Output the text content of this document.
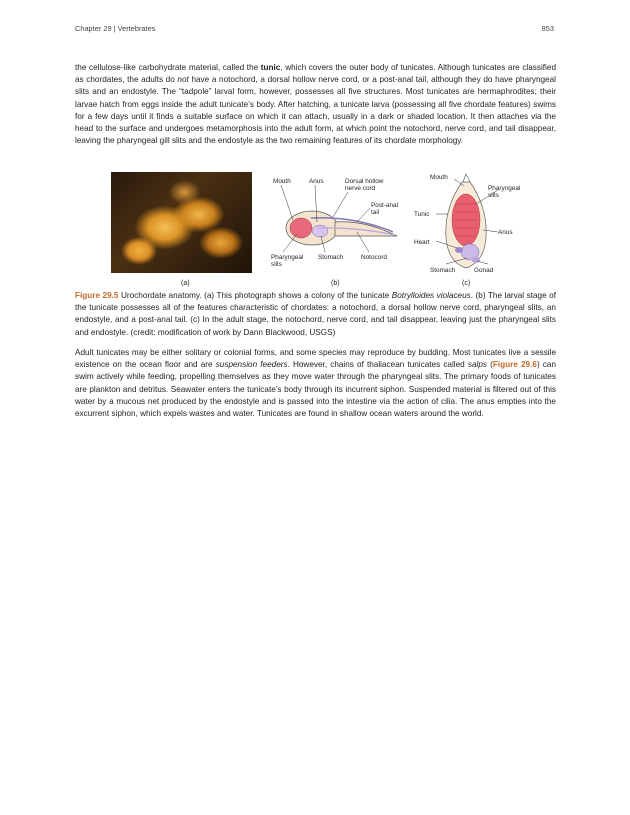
Chapter 29 | Vertebrates	853

the cellulose-like carbohydrate material, called the tunic, which covers the outer body of tunicates. Although tunicates are classified as chordates, the adults do not have a notochord, a dorsal hollow nerve cord, or a post-anal tail, although they do have pharyngeal slits and an endostyle. The “tadpole” larval form, however, possesses all five structures. Most tunicates are hermaphrodites; their larvae hatch from eggs inside the adult tunicate’s body. After hatching, a tunicate larva (possessing all five chordate features) swims for a few days until it finds a suitable surface on which it can attach, usually in a dark or shaded location. It then attaches via the head to the surface and undergoes metamorphosis into the adult form, at which point the notochord, nerve cord, and tail disappear, leaving the pharyngeal gill slits and the endostyle as the two remaining features of its chordate morphology.

Mouth	Anus	Dorsal hollow
nerve cord
Post-anal
tail
Pharyngeal
slits
Stomach	Notocord
Mouth
Pharyngeal
slits
Tunic
Anus
Heart
Stomach	Gonad
(a)	(b)	(c)

Figure 29.5 Urochordate anatomy. (a) This photograph shows a colony of the tunicate Botrylloides violaceus. (b) The larval stage of the tunicate possesses all of the features characteristic of chordates: a notochord, a dorsal hollow nerve cord, pharyngeal slits, an endostyle, and a post-anal tail. (c) In the adult stage, the notochord, nerve cord, and tail disappear, leaving just the pharyngeal slits and endostyle. (credit: modification of work by Dann Blackwood, USGS)

Adult tunicates may be either solitary or colonial forms, and some species may reproduce by budding. Most tunicates live a sessile existence on the ocean floor and are suspension feeders. However, chains of thaliacean tunicates called salps (Figure 29.6) can swim actively while feeding, propelling themselves as they move water through the pharyngeal slits. The primary foods of tunicates are plankton and detritus. Seawater enters the tunicate’s body through its incurrent siphon. Suspended material is filtered out of this water by a mucous net produced by the endostyle and is passed into the intestine via the action of cilia. The anus empties into the excurrent siphon, which expels wastes and water. Tunicates are found in shallow ocean waters around the world.
